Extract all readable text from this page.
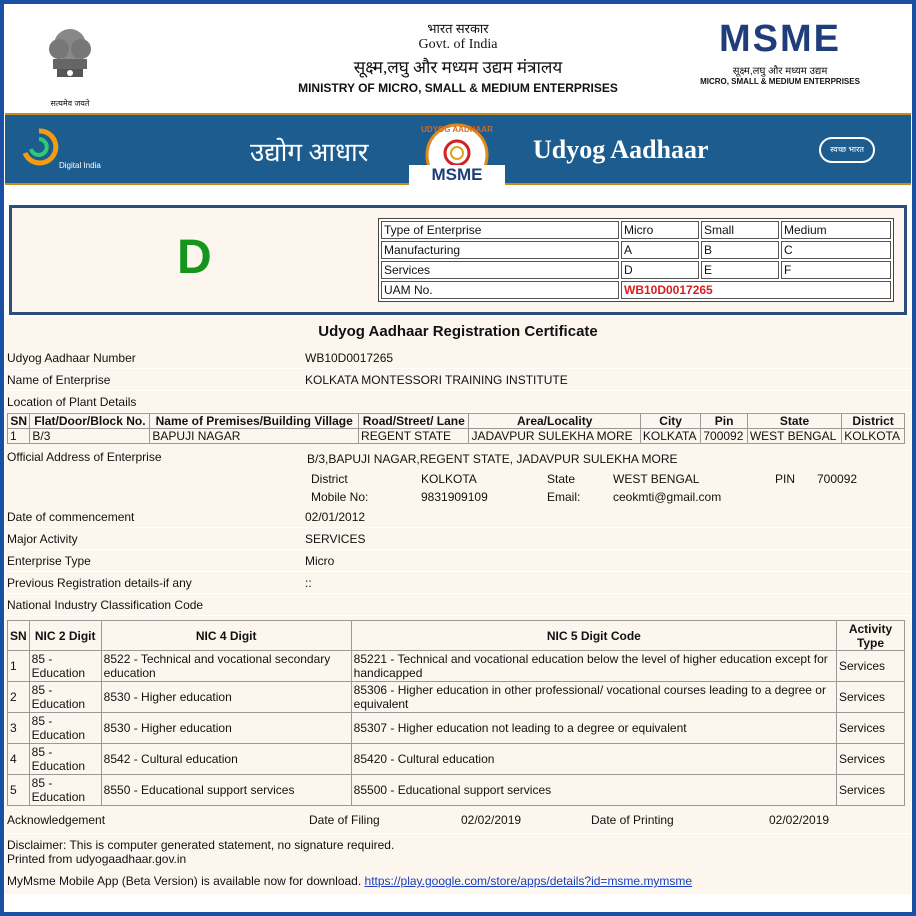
सत्यमेव जयते
भारत सरकार
Govt. of India
सूक्ष्म,लघु और मध्यम उद्यम मंत्रालय
MINISTRY OF MICRO, SMALL & MEDIUM ENTERPRISES
MSME
सूक्ष्म,लघु और मध्यम उद्यम
MICRO, SMALL & MEDIUM ENTERPRISES
Digital India	उद्योग आधार
UDYOG AADHAAR
MSME
Udyog Aadhaar	स्वच्छ भारत
D
Type of Enterprise	Micro	Small	Medium
Manufacturing	A	B	C
Services	D	E	F
UAM No.	WB10D0017265		
Udyog Aadhaar Registration Certificate
Udyog Aadhaar Number	WB10D0017265
Name of Enterprise	KOLKATA MONTESSORI TRAINING INSTITUTE
Location of Plant Details
SN	Flat/Door/Block No.	Name of Premises/Building Village	Road/Street/ Lane	Area/Locality	City	Pin	State	District
1	B/3	BAPUJI NAGAR	REGENT STATE	JADAVPUR SULEKHA MORE	KOLKATA	700092	WEST BENGAL	KOLKOTA
Official Address of Enterprise	B/3,BAPUJI NAGAR,REGENT STATE, JADAVPUR SULEKHA MORE
District	KOLKOTA	State	WEST BENGAL	PIN 700092
Mobile No:	9831909109	Email:	ceokmti@gmail.com
Date of commencement	02/01/2012
Major Activity	SERVICES
Enterprise Type	Micro
Previous Registration details-if any	::
National Industry Classification Code
SN	NIC 2 Digit	NIC 4 Digit	NIC 5 Digit Code	Activity Type
1	85 - Education	8522 - Technical and vocational secondary education	85221 - Technical and vocational education below the level of higher education except for handicapped	Services
2	85 - Education	8530 - Higher education	85306 - Higher education in other professional/ vocational courses leading to a degree or equivalent	Services
3	85 - Education	8530 - Higher education	85307 - Higher education not leading to a degree or equivalent	Services
4	85 - Education	8542 - Cultural education	85420 - Cultural education	Services
5	85 - Education	8550 - Educational support services	85500 - Educational support services	Services
Acknowledgement	Date of Filing	02/02/2019	Date of Printing	02/02/2019
Disclaimer: This is computer generated statement, no signature required.
Printed from udyogaadhaar.gov.in
MyMsme Mobile App (Beta Version) is available now for download. https://play.google.com/store/apps/details?id=msme.mymsme
